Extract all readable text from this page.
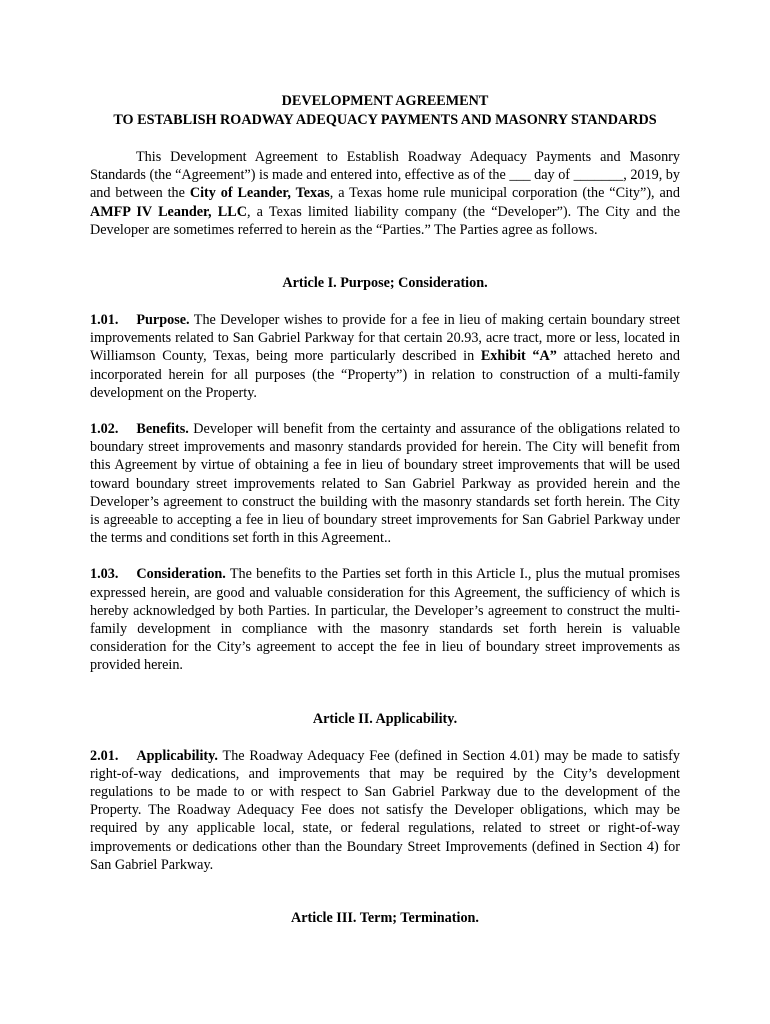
DEVELOPMENT AGREEMENT
TO ESTABLISH ROADWAY ADEQUACY PAYMENTS AND MASONRY STANDARDS

This Development Agreement to Establish Roadway Adequacy Payments and Masonry Standards (the “Agreement”) is made and entered into, effective as of the ___ day of _______, 2019, by and between the City of Leander, Texas, a Texas home rule municipal corporation (the “City”), and AMFP IV Leander, LLC, a Texas limited liability company (the “Developer”). The City and the Developer are sometimes referred to herein as the “Parties.” The Parties agree as follows.

Article I. Purpose; Consideration.

1.01. Purpose. The Developer wishes to provide for a fee in lieu of making certain boundary street improvements related to San Gabriel Parkway for that certain 20.93, acre tract, more or less, located in Williamson County, Texas, being more particularly described in Exhibit “A” attached hereto and incorporated herein for all purposes (the “Property”) in relation to construction of a multi-family development on the Property.

1.02. Benefits. Developer will benefit from the certainty and assurance of the obligations related to boundary street improvements and masonry standards provided for herein. The City will benefit from this Agreement by virtue of obtaining a fee in lieu of boundary street improvements that will be used toward boundary street improvements related to San Gabriel Parkway as provided herein and the Developer’s agreement to construct the building with the masonry standards set forth herein. The City is agreeable to accepting a fee in lieu of boundary street improvements for San Gabriel Parkway under the terms and conditions set forth in this Agreement..

1.03. Consideration. The benefits to the Parties set forth in this Article I., plus the mutual promises expressed herein, are good and valuable consideration for this Agreement, the sufficiency of which is hereby acknowledged by both Parties. In particular, the Developer’s agreement to construct the multi-family development in compliance with the masonry standards set forth herein is valuable consideration for the City’s agreement to accept the fee in lieu of boundary street improvements as provided herein.

Article II. Applicability.

2.01. Applicability. The Roadway Adequacy Fee (defined in Section 4.01) may be made to satisfy right-of-way dedications, and improvements that may be required by the City’s development regulations to be made to or with respect to San Gabriel Parkway due to the development of the Property. The Roadway Adequacy Fee does not satisfy the Developer obligations, which may be required by any applicable local, state, or federal regulations, related to street or right-of-way improvements or dedications other than the Boundary Street Improvements (defined in Section 4) for San Gabriel Parkway.

Article III. Term; Termination.
